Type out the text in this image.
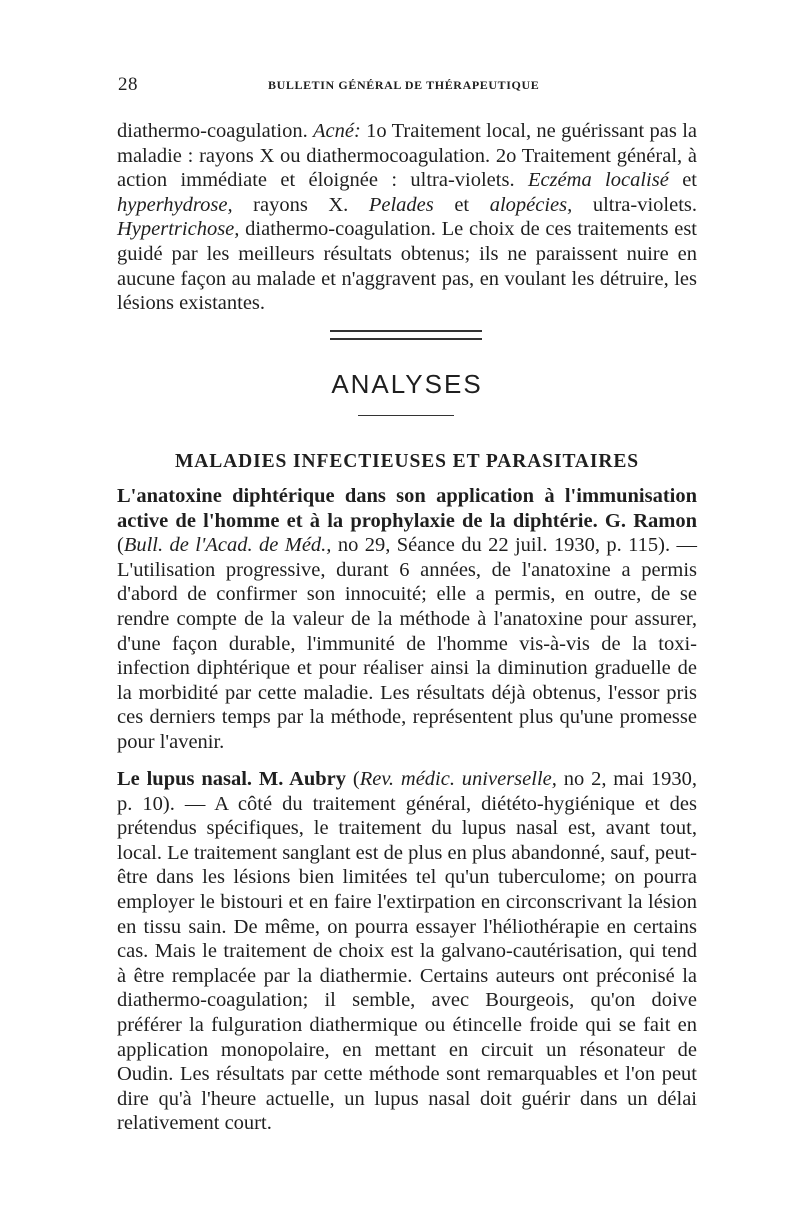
28	BULLETIN GÉNÉRAL DE THÉRAPEUTIQUE

diathermo-coagulation. Acné: 1o Traitement local, ne guérissant pas la maladie : rayons X ou diathermocoagulation. 2o Traitement général, à action immédiate et éloignée : ultra-violets. Eczéma localisé et hyperhydrose, rayons X. Pelades et alopécies, ultra-violets. Hypertrichose, diathermo-coagulation. Le choix de ces traitements est guidé par les meilleurs résultats obtenus; ils ne paraissent nuire en aucune façon au malade et n'aggravent pas, en voulant les détruire, les lésions existantes.

ANALYSES
MALADIES INFECTIEUSES ET PARASITAIRES

L'anatoxine diphtérique dans son application à l'immunisation active de l'homme et à la prophylaxie de la diphtérie. G. Ramon (Bull. de l'Acad. de Méd., no 29, Séance du 22 juil. 1930, p. 115). — L'utilisation progressive, durant 6 années, de l'anatoxine a permis d'abord de confirmer son innocuité; elle a permis, en outre, de se rendre compte de la valeur de la méthode à l'anatoxine pour assurer, d'une façon durable, l'immunité de l'homme vis-à-vis de la toxi-infection diphtérique et pour réaliser ainsi la diminution graduelle de la morbidité par cette maladie. Les résultats déjà obtenus, l'essor pris ces derniers temps par la méthode, représentent plus qu'une promesse pour l'avenir.

Le lupus nasal. M. Aubry (Rev. médic. universelle, no 2, mai 1930, p. 10). — A côté du traitement général, diététo-hygiénique et des prétendus spécifiques, le traitement du lupus nasal est, avant tout, local. Le traitement sanglant est de plus en plus abandonné, sauf, peut-être dans les lésions bien limitées tel qu'un tuberculome; on pourra employer le bistouri et en faire l'extirpation en circonscrivant la lésion en tissu sain. De même, on pourra essayer l'héliothérapie en certains cas. Mais le traitement de choix est la galvano-cautérisation, qui tend à être remplacée par la diathermie. Certains auteurs ont préconisé la diathermo-coagulation; il semble, avec Bourgeois, qu'on doive préférer la fulguration diathermique ou étincelle froide qui se fait en application monopolaire, en mettant en circuit un résonateur de Oudin. Les résultats par cette méthode sont remarquables et l'on peut dire qu'à l'heure actuelle, un lupus nasal doit guérir dans un délai relativement court.
